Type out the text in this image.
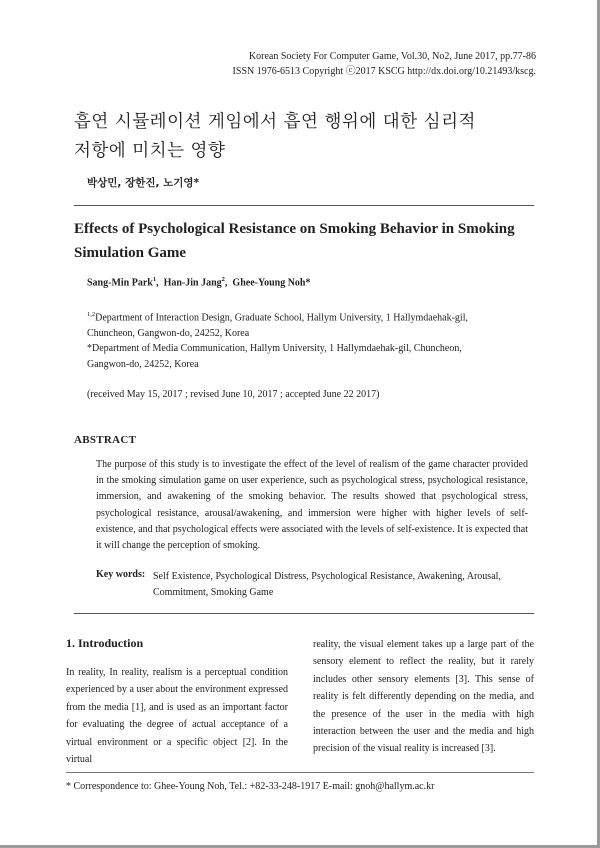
Korean Society For Computer Game, Vol.30, No2, June 2017, pp.77-86
ISSN 1976-6513 Copyright ⓒ2017 KSCG http://dx.doi.org/10.21493/kscg.
흡연 시뮬레이션 게임에서 흡연 행위에 대한 심리적
저항에 미치는 영향
박상민, 장한진, 노기영*
Effects of Psychological Resistance on Smoking Behavior in Smoking
Simulation Game
Sang-Min Park$^1$,  Han-Jin Jang$^2$,  Ghee-Young Noh*
$^{1,2}$Department of Interaction Design, Graduate School, Hallym University, 1 Hallymdaehak-gil,
Chuncheon, Gangwon-do, 24252, Korea
*Department of Media Communication, Hallym University, 1 Hallymdaehak-gil, Chuncheon,
Gangwon-do, 24252, Korea
(received May 15, 2017 ; revised June 10, 2017 ; accepted June 22 2017)
ABSTRACT
The purpose of this study is to investigate the effect of the level of realism of the game character provided in the smoking simulation game on user experience, such as psychological stress, psychological resistance, immersion, and awakening of the smoking behavior. The results showed that psychological stress, psychological resistance, arousal/awakening, and immersion were higher with higher levels of self-existence, and that psychological effects were associated with the levels of self-existence. It is expected that it will change the perception of smoking.
Key words: Self Existence, Psychological Distress, Psychological Resistance, Awakening, Arousal, Commitment, Smoking Game
1. Introduction
In reality, In reality, realism is a perceptual condition experienced by a user about the environment expressed from the media [1], and is used as an important factor for evaluating the degree of actual acceptance of a virtual environment or a specific object [2]. In the virtual
reality, the visual element takes up a large part of the sensory element to reflect the reality, but it rarely includes other sensory elements [3]. This sense of reality is felt differently depending on the media, and the presence of the user in the media with high interaction between the user and the media and high precision of the visual reality is increased [3].
* Correspondence to: Ghee-Young Noh, Tel.: +82-33-248-1917 E-mail: gnoh@hallym.ac.kr
